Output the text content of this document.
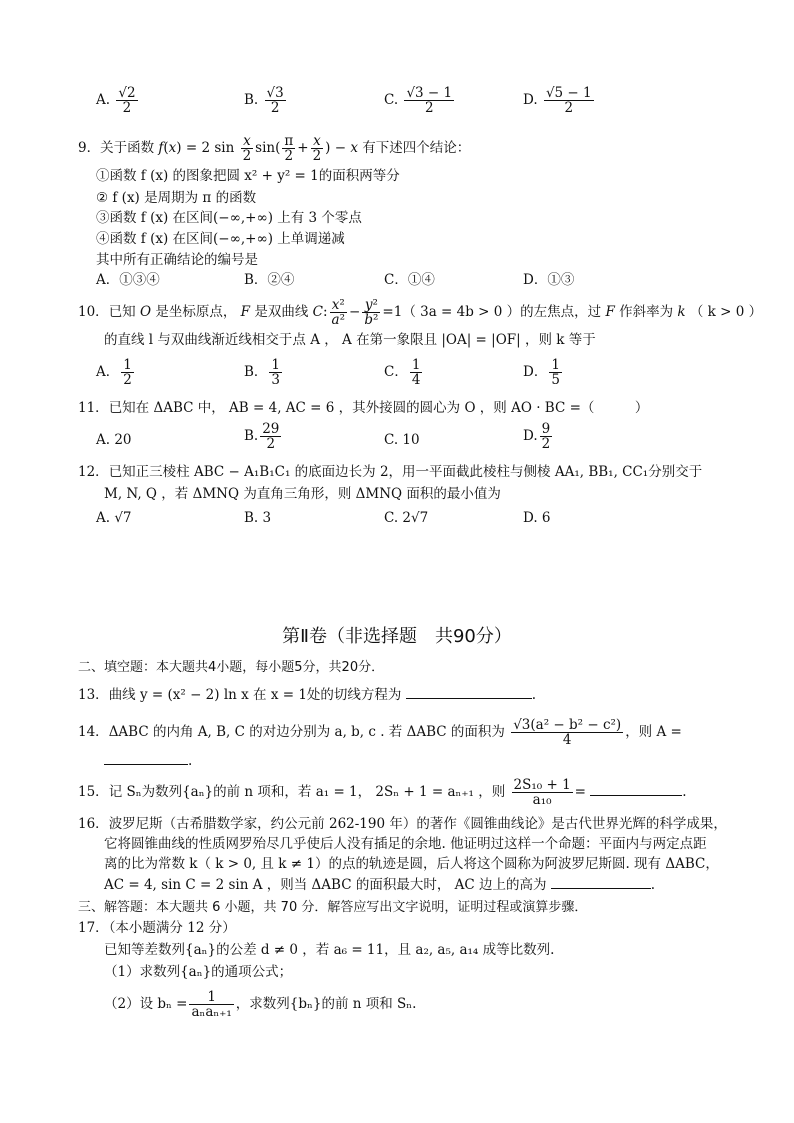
A. $\frac{√2}{2}$	B. $\frac{√3}{2}$	C. $\frac{√3 - 1}{2}$	D. $\frac{√5 - 1}{2}$
9．关于函数 f(x) = 2 $\sin \frac{x}{2} \sin( \frac{\pi}{2} + \frac{x}{2}$ ) − x 有下述四个结论：
①函数 f (x) 的图象把圆 x² + y² = 1的面积两等分
② f (x) 是周期为 π 的函数
③函数 f (x) 在区间(−∞,+∞) 上有 3 个零点
④函数 f (x) 在区间(−∞,+∞) 上单调递减
其中所有正确结论的编号是
A．①③④	B．②④	C．①④	D．①③
10．已知 O 是坐标原点， F 是双曲线 C: $\frac{\text{x²}}{\text{a²}} - \frac{\text{y²}}{\text{b²}} =1$（ 3a = 4b > 0 ）的左焦点，过 F 作斜率为 k （ k > 0 ）
的直线 l 与双曲线渐近线相交于点 A ， A 在第一象限且 |OA| = |OF| ，则 k 等于
A． $\frac{1}{2}$	B． $\frac{1}{3}$	C． $\frac{1}{4}$	D． $\frac{1}{5}$
11．已知在 ΔABC 中， AB = 4, AC = 6 ，其外接圆的圆心为 O ，则 AO · BC =（　　　）
A. 20	B. $\frac{29}{2}$	C. 10	D. $\frac{9}{2}$
12．已知正三棱柱 ABC − A₁B₁C₁ 的底面边长为 2，用一平面截此棱柱与侧棱 AA₁, BB₁, CC₁分别交于
M, N, Q ，若 ΔMNQ 为直角三角形，则 ΔMNQ 面积的最小值为
A. √7	B. 3	C. 2√7	D. 6
第Ⅱ卷（非选择题　共90分）
二、填空题：本大题共4小题，每小题5分，共20分．
13．曲线 y = (x² − 2) ln x 在 x = 1处的切线方程为	.
14．ΔABC 的内角 A, B, C 的对边分别为 a, b, c . 若 ΔABC 的面积为 $\frac{\text{√3(a² − b² − c²)}}{4}$ ，则 A =
.
15．记 Sₙ为数列{aₙ}的前 n 项和，若 a₁ = 1， 2Sₙ + 1 = aₙ₊₁ ，则 $\frac{\text{2S₁₀ + 1}}{\text{a₁₀}}$ =	.
16．波罗尼斯（古希腊数学家，约公元前 262-190 年）的著作《圆锥曲线论》是古代世界光辉的科学成果，
它将圆锥曲线的性质网罗殆尽几乎使后人没有插足的余地. 他证明过这样一个命题：平面内与两定点距
离的比为常数 k（ k > 0, 且 k ≠ 1）的点的轨迹是圆，后人将这个圆称为阿波罗尼斯圆. 现有 ΔABC，
AC = 4, sin C = 2 sin A ，则当 ΔABC 的面积最大时， AC 边上的高为	.
三、解答题：本大题共 6 小题，共 70 分．解答应写出文字说明，证明过程或演算步骤．
17．（本小题满分 12 分）
已知等差数列{aₙ}的公差 d ≠ 0 ，若 a₆ = 11，且 a₂, a₅, a₁₄ 成等比数列.
（1）求数列{aₙ}的通项公式；
（2）设 $b_n = \frac{1}{\text{aₙaₙ₊₁}}$ ，求数列{bₙ}的前 n 项和 Sₙ.
